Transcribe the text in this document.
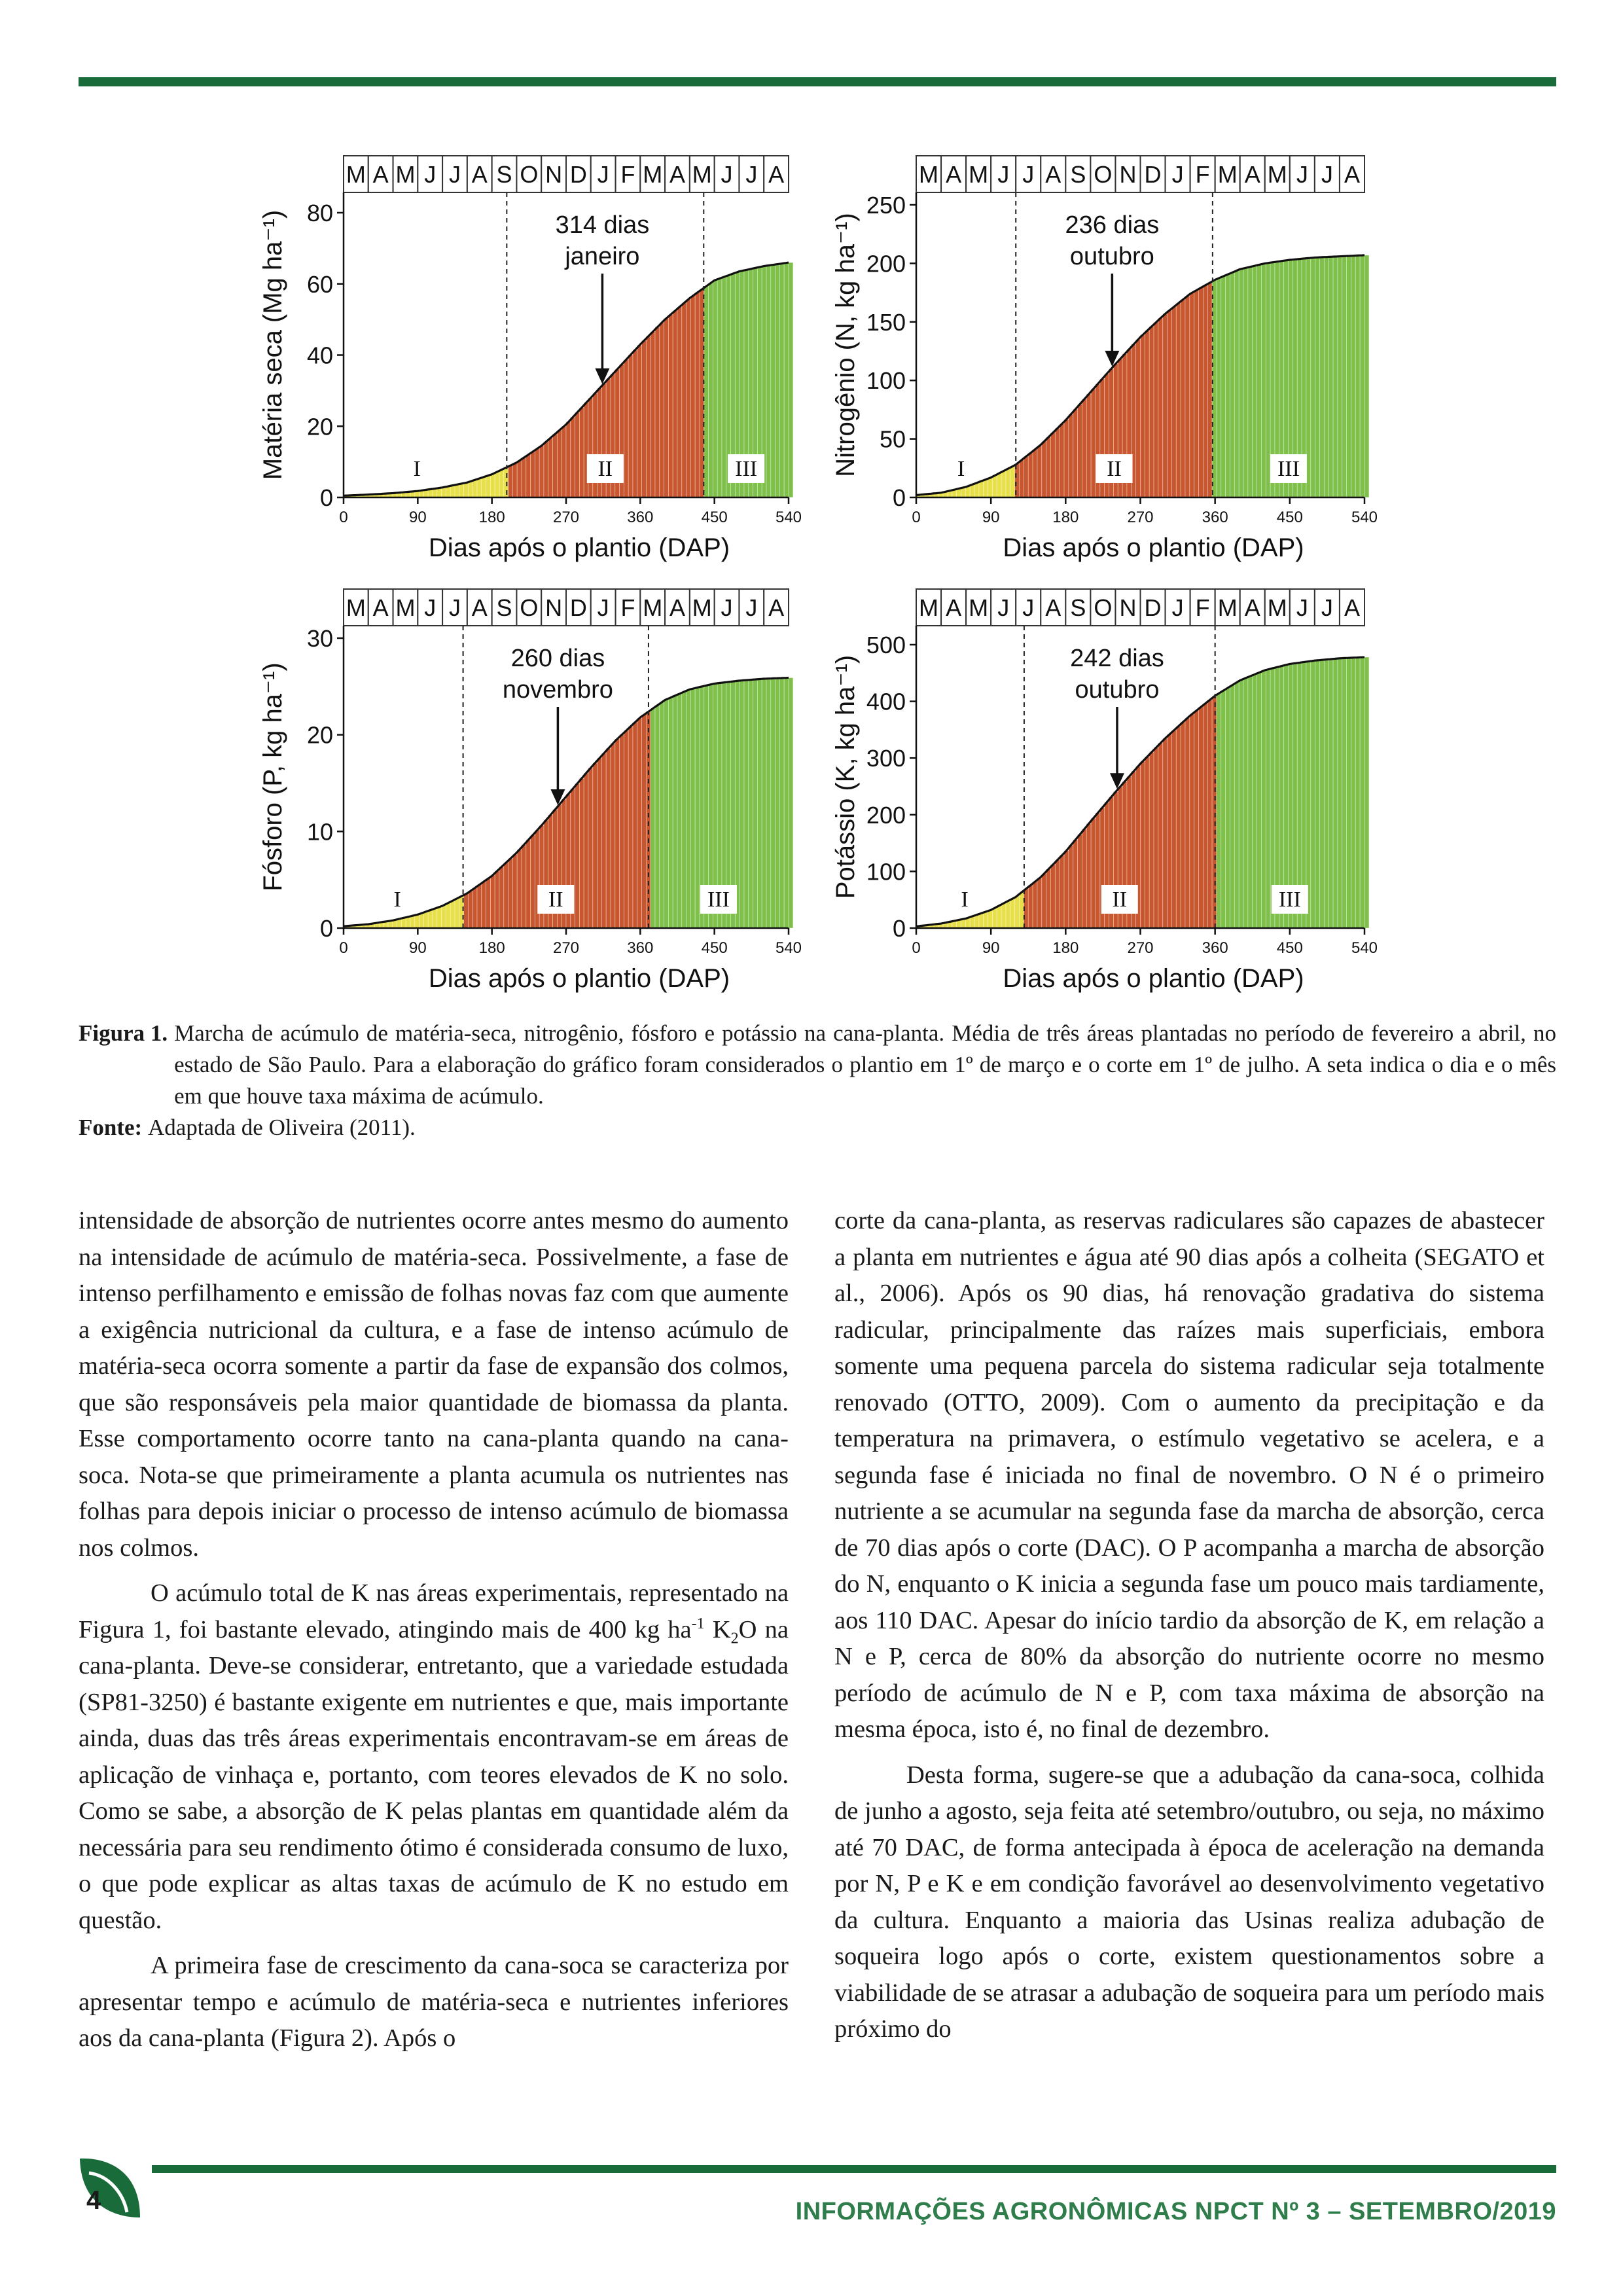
M A M J J A S O N D J F M A M J J A
I	II	III
0
20
40
60
80
0	90	180	270	360	450	540
Dias após o plantio (DAP)
Matéria seca (Mg ha⁻¹)	314 dias
janeiro
M A M J J A S O N D J F M A M J J A
I	II	III
0
50
100
150
200
250
0	90	180	270	360	450	540
Dias após o plantio (DAP)
Nitrogênio (N, kg ha⁻¹)	236 dias
outubro
M A M J J A S O N D J F M A M J J A
I	II	III
0
10
20
30
0	90	180	270	360	450	540
Dias após o plantio (DAP)
Fósforo (P, kg ha⁻¹)
260 dias
novembro
M A M J J A S O N D J F M A M J J A
I	II	III
0
100
200
300
400
500
0	90	180	270	360	450	540
Dias após o plantio (DAP)
Potássio (K, kg ha⁻¹)	242 dias
outubro
Figura 1. Marcha de acúmulo de matéria-seca, nitrogênio, fósforo e potássio na cana-planta. Média de três áreas plantadas no período de fevereiro a abril, no estado de São Paulo. Para a elaboração do gráfico foram considerados o plantio em 1º de março e o corte em 1º de julho. A seta indica o dia e o mês em que houve taxa máxima de acúmulo.
Fonte:
Adaptada de Oliveira (2011).

intensidade de absorção de nutrientes ocorre antes mesmo do aumento na intensidade de acúmulo de matéria-seca. Possivelmente, a fase de intenso perfilhamento e emissão de folhas novas faz com que aumente a exigência nutricional da cultura, e a fase de intenso acúmulo de matéria-seca ocorra somente a partir da fase de expansão dos colmos, que são responsáveis pela maior quantidade de biomassa da planta. Esse comportamento ocorre tanto na cana-planta quando na cana-soca. Nota-se que primeiramente a planta acumula os nutrientes nas folhas para depois iniciar o processo de intenso acúmulo de biomassa nos colmos.

O acúmulo total de K nas áreas experimentais, representado na Figura 1, foi bastante elevado, atingindo mais de 400 kg $ha^{-1}$ $K_2O$ na cana-planta. Deve-se considerar, entretanto, que a variedade estudada (SP81-3250) é bastante exigente em nutrientes e que, mais importante ainda, duas das três áreas experimentais encontravam-se em áreas de aplicação de vinhaça e, portanto, com teores elevados de K no solo. Como se sabe, a absorção de K pelas plantas em quantidade além da necessária para seu rendimento ótimo é considerada consumo de luxo, o que pode explicar as altas taxas de acúmulo de K no estudo em questão.

A primeira fase de crescimento da cana-soca se caracteriza por apresentar tempo e acúmulo de matéria-seca e nutrientes inferiores aos da cana-planta (Figura 2). Após o

corte da cana-planta, as reservas radiculares são capazes de abastecer a planta em nutrientes e água até 90 dias após a colheita (SEGATO et al., 2006). Após os 90 dias, há renovação gradativa do sistema radicular, principalmente das raízes mais superficiais, embora somente uma pequena parcela do sistema radicular seja totalmente renovado (OTTO, 2009). Com o aumento da precipitação e da temperatura na primavera, o estímulo vegetativo se acelera, e a segunda fase é iniciada no final de novembro. O N é o primeiro nutriente a se acumular na segunda fase da marcha de absorção, cerca de 70 dias após o corte (DAC). O P acompanha a marcha de absorção do N, enquanto o K inicia a segunda fase um pouco mais tardiamente, aos 110 DAC. Apesar do início tardio da absorção de K, em relação a N e P, cerca de 80% da absorção do nutriente ocorre no mesmo período de acúmulo de N e P, com taxa máxima de absorção na mesma época, isto é, no final de dezembro.

Desta forma, sugere-se que a adubação da cana-soca, colhida de junho a agosto, seja feita até setembro/outubro, ou seja, no máximo até 70 DAC, de forma antecipada à época de aceleração na demanda por N, P e K e em condição favorável ao desenvolvimento vegetativo da cultura. Enquanto a maioria das Usinas realiza adubação de soqueira logo após o corte, existem questionamentos sobre a viabilidade de se atrasar a adubação de soqueira para um período mais próximo do

4	INFORMAÇÕES AGRONÔMICAS NPCT Nº 3 – SETEMBRO/2019
